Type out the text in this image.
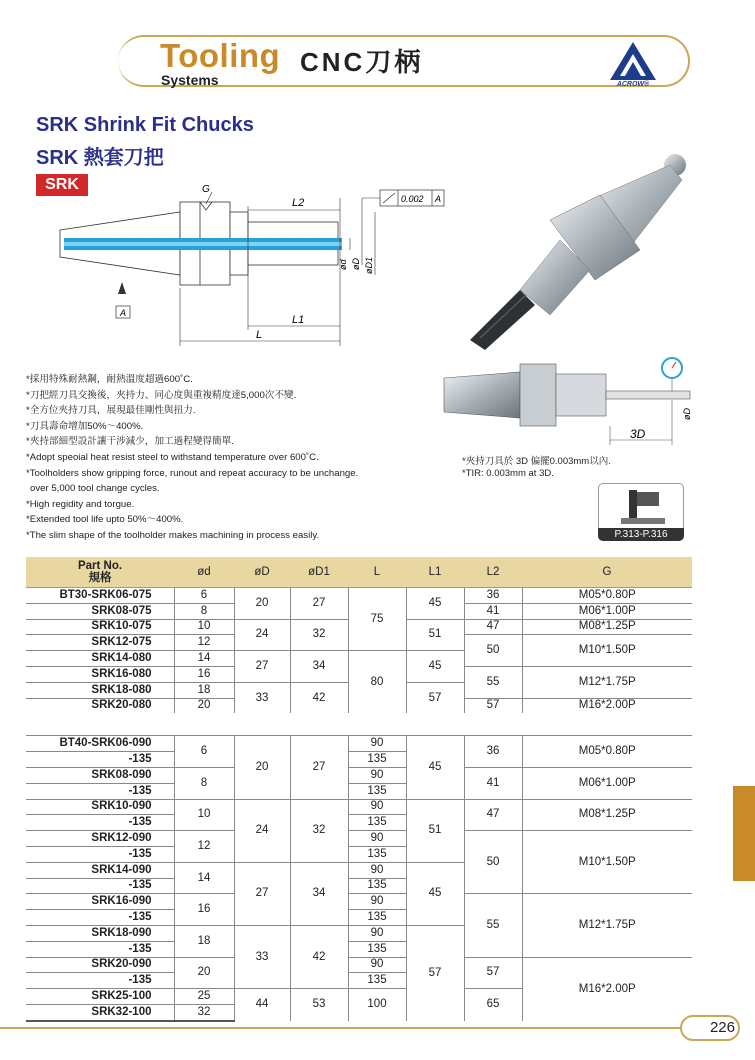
Tooling
Systems
CNC刀柄
ACROW®
SRK Shrink Fit Chucks
SRK 熱套刀把
SRK
A
G
L2
L1
L
ød øD øD1
0.002 A
3D
øD
*夾持刀具於 3D 偏擺0.003mm以內.
*TIR: 0.003mm at 3D.
P.313-P.316
*採用特殊耐熱鋼，耐熱溫度超過600˚C.
*刀把經刀具交換後，夾持力、同心度與重複精度達5,000次不變.
*全方位夾持刀具，展現最佳剛性與扭力.
*刀具壽命增加50%～400%.
*夾持部細型設計讓干涉減少，加工過程變得簡單.
*Adopt speoial heat resist steel to withstand temperature over 600˚C.
*Toolholders show gripping force, runout and repeat accuracy to be unchange.
over 5,000 tool change cycles.
*High regidity and torgue.
*Extended tool life upto 50%～400%.
*The slim shape of the toolholder makes machining in process easily.
Part No.
規格	ød	øD	øD1	L	L1	L2	G
BT30-SRK06-075	6	20	27	75	45	36	M05*0.80P
SRK08-075	8					41	M06*1.00P
SRK10-075	10	24	32		51	47	M08*1.25P
SRK12-075	12					50	M10*1.50P
SRK14-080	14	27	34	80	45		
SRK16-080	16					55	M12*1.75P
SRK18-080	18	33	42		57		
SRK20-080	20					57	M16*2.00P

BT40-SRK06-090	6	20	27	90	45	36	M05*0.80P
-135				135			
SRK08-090	8			90		41	M06*1.00P
-135				135			
SRK10-090	10	24	32	90	51	47	M08*1.25P
-135				135			
SRK12-090	12			90		50	M10*1.50P
-135				135			
SRK14-090	14	27	34	90	45		
-135				135			
SRK16-090	16			90		55	M12*1.75P
-135				135			
SRK18-090	18	33	42	90	57		
-135				135			
SRK20-090	20			90		57	M16*2.00P
-135				135			
SRK25-100	25	44	53	100		65	
SRK32-100	32						
226
